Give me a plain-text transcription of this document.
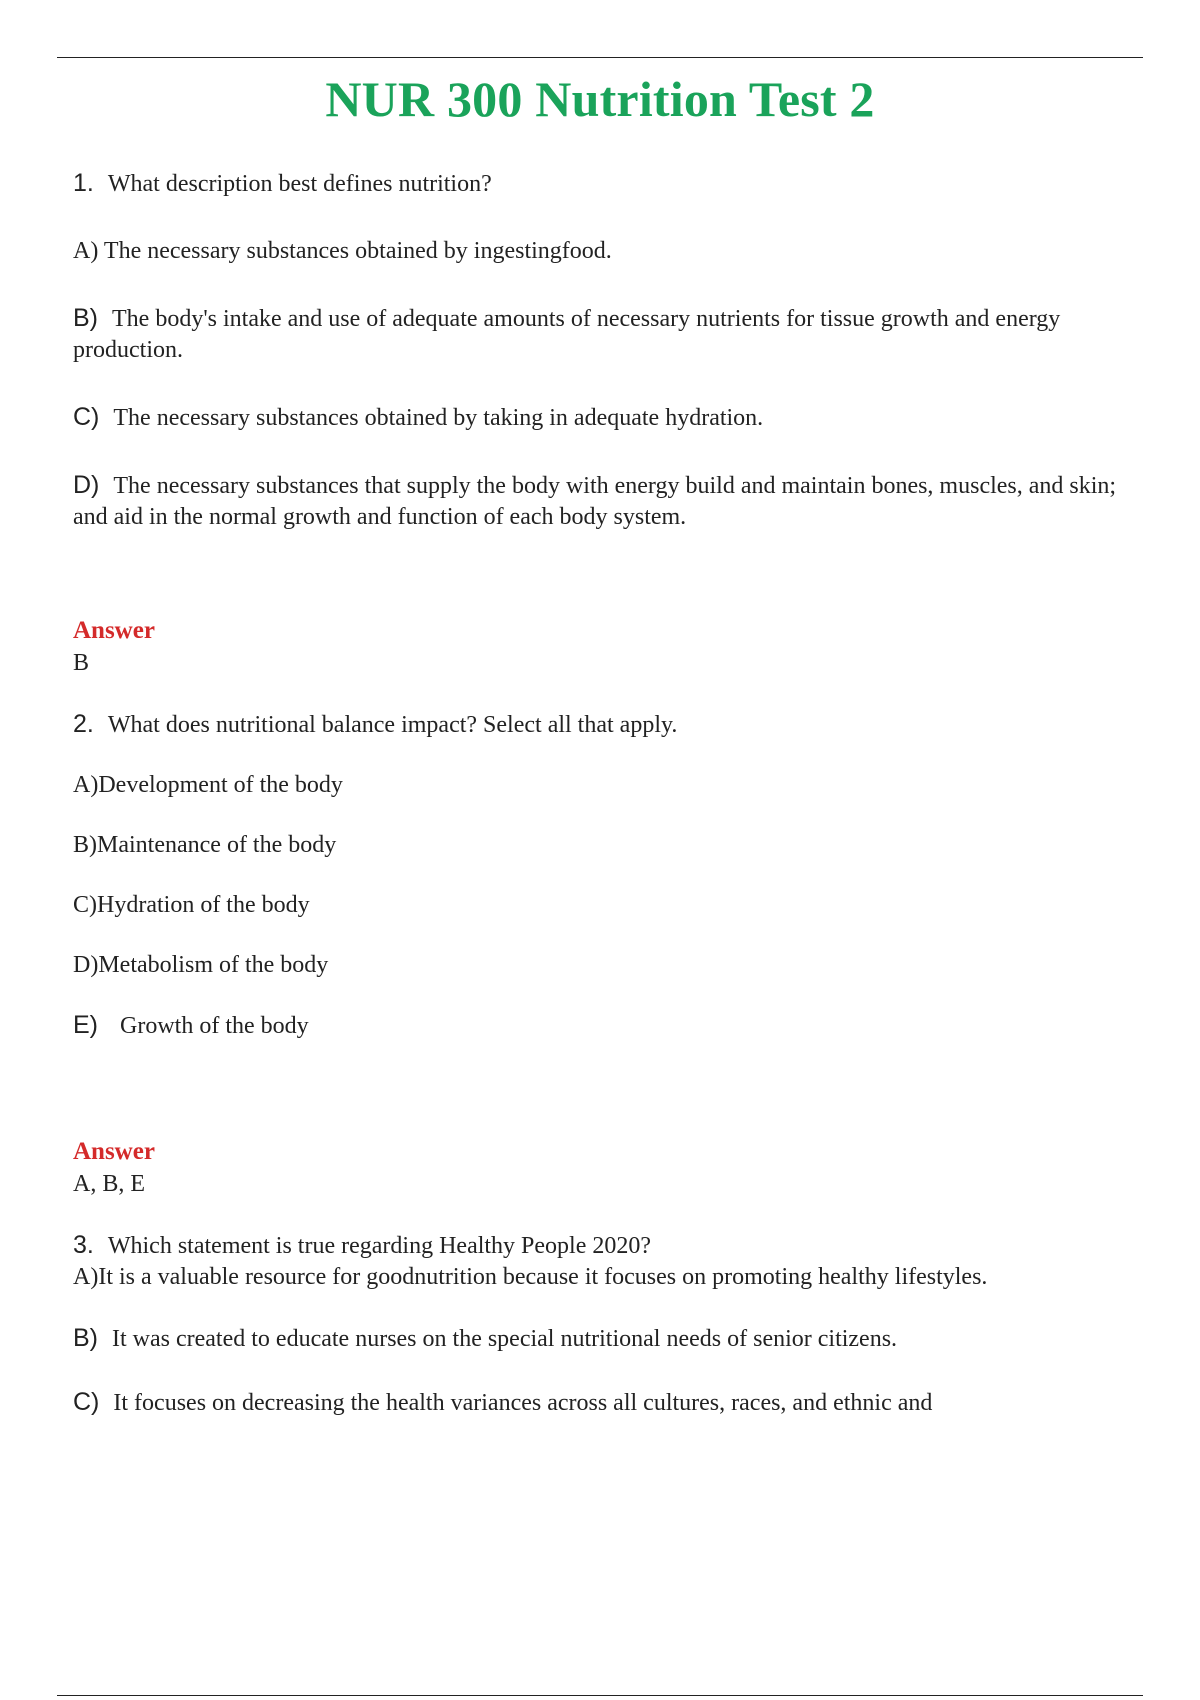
NUR 300 Nutrition Test 2
1. What description best defines nutrition?
A) The necessary substances obtained by ingestingfood.
B) The body's intake and use of adequate amounts of necessary nutrients for tissue growth and energy production.
C) The necessary substances obtained by taking in adequate hydration.
D) The necessary substances that supply the body with energy build and maintain bones, muscles, and skin; and aid in the normal growth and function of each body system.
Answer
B
2. What does nutritional balance impact? Select all that apply.
A)Development of the body
B)Maintenance of the body
C)Hydration of the body
D)Metabolism of the body
E) Growth of the body
Answer
A, B, E
3. Which statement is true regarding Healthy People 2020?
A)It is a valuable resource for goodnutrition because it focuses on promoting healthy lifestyles.
B) It was created to educate nurses on the special nutritional needs of senior citizens.
C) It focuses on decreasing the health variances across all cultures, races, and ethnic and
